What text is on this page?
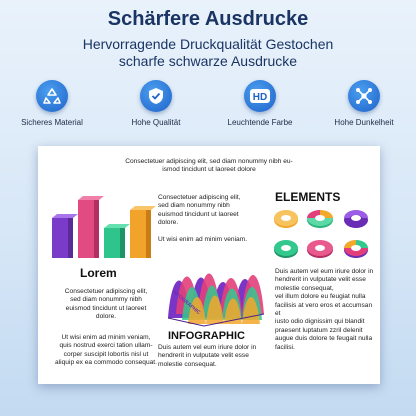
Schärfere Ausdrucke
Hervorragende Druckqualität Gestochen
scharfe schwarze Ausdrucke
Sicheres Material	Hohe Qualität
HD
Leuchtende Farbe	Hohe Dunkelheit
Consectetuer adipiscing elit, sed diam nonummy nibh eu-
ismod tincidunt ut laoreet dolore
A
B
C
D
Lorem
Consectetuer adipiscing elit,
sed diam nonummy nibh
euismod tincidunt ut laoreet
dolore.
Ut wisi enim ad minim veniam,
quis nostrud exerci tation ullam-
corper suscipit lobortis nisl ut
aliquip ex ea commodo consequat.
Consectetuer adipiscing elit,
sed diam nonummy nibh
euismod tincidunt ut laoreet
dolore.
Ut wisi enim ad minim veniam.
INFOGRAPHIC
INFOGRAPHIC
Duis autem vel eum iriure dolor in
hendrerit in vulputate velit esse
molestie consequat.
ELEMENTS
Duis autem vel eum iriure dolor in
hendrerit in vulputate velit esse
molestie consequat,
vel illum dolore eu feugiat nulla
facilisis at vero eros et accumsan et
iusto odio dignissim qui blandit
praesent luptatum zzril delenit
augue duis dolore te feugait nulla
facilisi.
